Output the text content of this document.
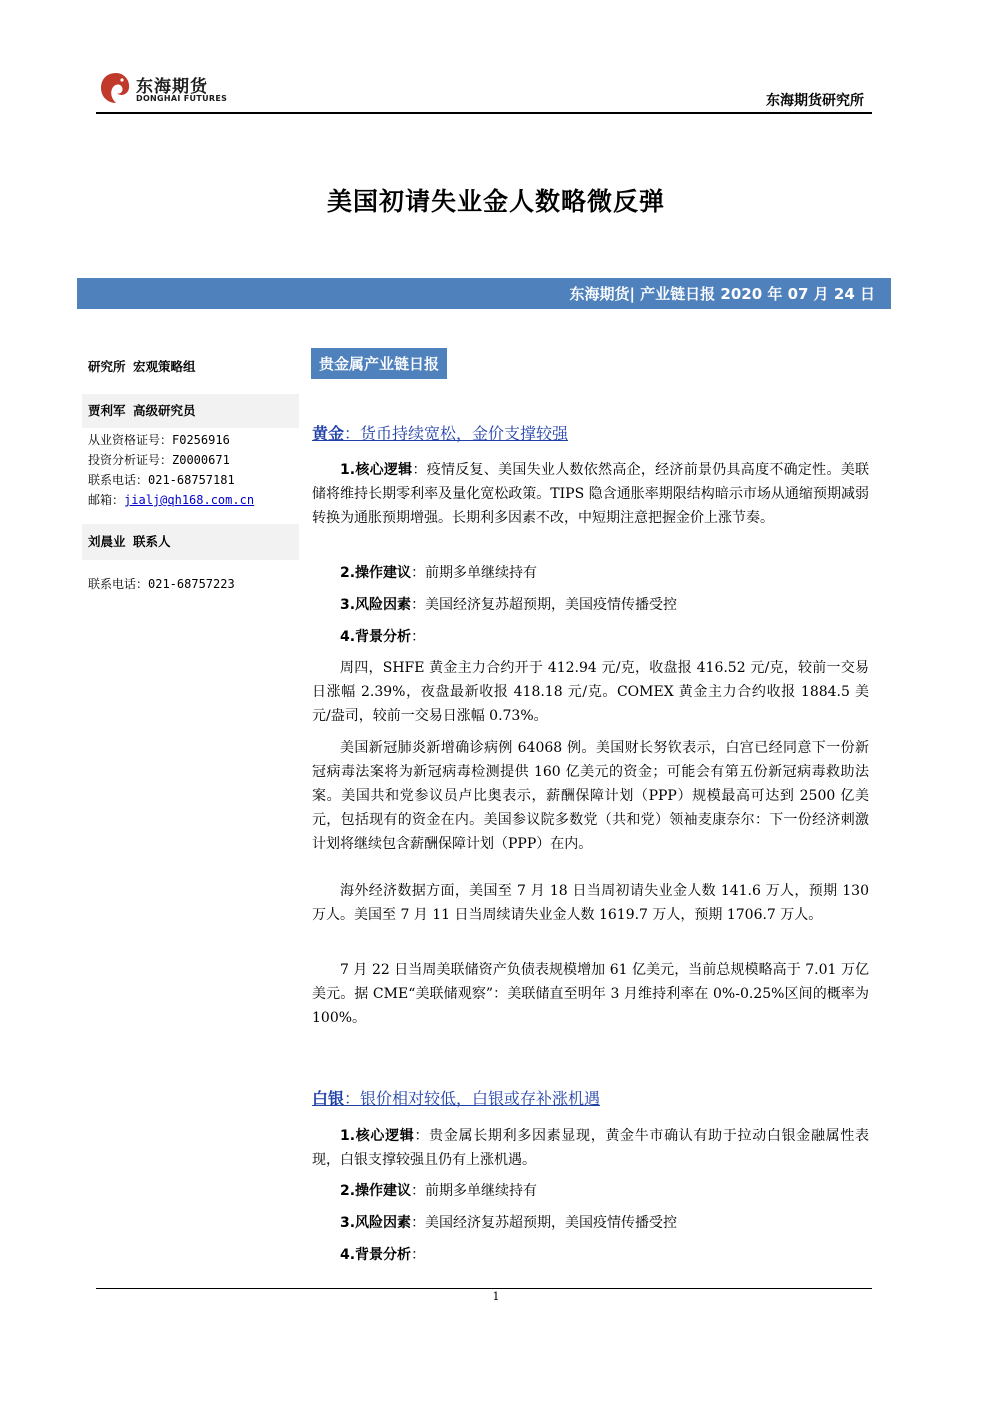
东海期货
DONGHAI FUTURES	东海期货研究所
美国初请失业金人数略微反弹
东海期货| 产业链日报 2020 年 07 月 24 日
研究所 宏观策略组
贾利军 高级研究员
从业资格证号：F0256916
投资分析证号：Z0000671
联系电话：021-68757181
邮箱：jialj@qh168.com.cn
刘晨业 联系人
联系电话：021-68757223
贵金属产业链日报
黄金：货币持续宽松，金价支撑较强
1.核心逻辑：疫情反复、美国失业人数依然高企，经济前景仍具高度不确定性。美联储将维持长期零利率及量化宽松政策。TIPS 隐含通胀率期限结构暗示市场从通缩预期减弱转换为通胀预期增强。长期利多因素不改，中短期注意把握金价上涨节奏。
2.操作建议：前期多单继续持有
3.风险因素：美国经济复苏超预期，美国疫情传播受控
4.背景分析：
周四，SHFE 黄金主力合约开于 412.94 元/克，收盘报 416.52 元/克，较前一交易日涨幅 2.39%，夜盘最新收报 418.18 元/克。COMEX 黄金主力合约收报 1884.5 美元/盎司，较前一交易日涨幅 0.73%。
美国新冠肺炎新增确诊病例 64068 例。美国财长努钦表示，白宫已经同意下一份新冠病毒法案将为新冠病毒检测提供 160 亿美元的资金；可能会有第五份新冠病毒救助法案。美国共和党参议员卢比奥表示，薪酬保障计划（PPP）规模最高可达到 2500 亿美元，包括现有的资金在内。美国参议院多数党（共和党）领袖麦康奈尔：下一份经济刺激计划将继续包含薪酬保障计划（PPP）在内。
海外经济数据方面，美国至 7 月 18 日当周初请失业金人数 141.6 万人，预期 130 万人。美国至 7 月 11 日当周续请失业金人数 1619.7 万人，预期 1706.7 万人。
7 月 22 日当周美联储资产负债表规模增加 61 亿美元，当前总规模略高于 7.01 万亿美元。据 CME“美联储观察”：美联储直至明年 3 月维持利率在 0%-0.25%区间的概率为 100%。
白银：银价相对较低，白银或存补涨机遇
1.核心逻辑：贵金属长期利多因素显现，黄金牛市确认有助于拉动白银金融属性表现，白银支撑较强且仍有上涨机遇。
2.操作建议：前期多单继续持有
3.风险因素：美国经济复苏超预期，美国疫情传播受控
4.背景分析：
1
